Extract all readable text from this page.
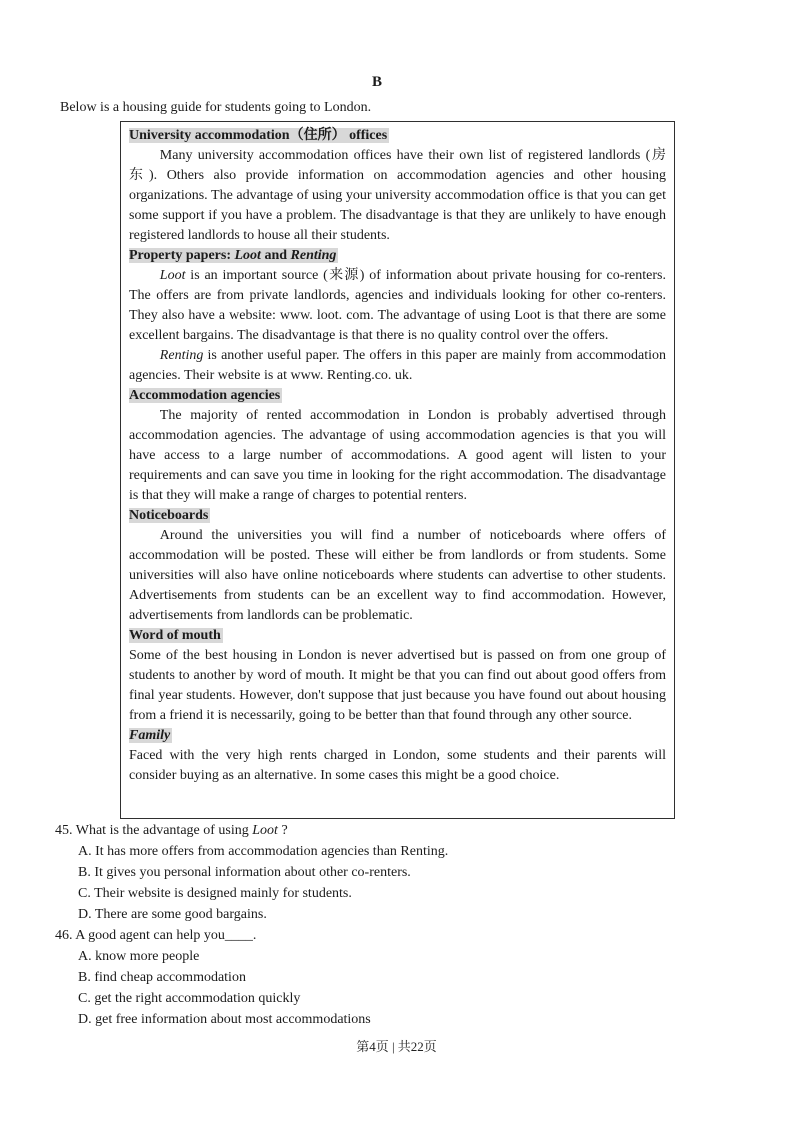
B
Below is a housing guide for students going to London.
University accommodation（住所） offices

Many university accommodation offices have their own list of registered landlords (房东). Others also provide information on accommodation agencies and other housing organizations. The advantage of using your university accommodation office is that you can get some support if you have a problem. The disadvantage is that they are unlikely to have enough registered landlords to house all their students.

Property papers: Loot and Renting

Loot is an important source (来源) of information about private housing for co-renters. The offers are from private landlords, agencies and individuals looking for other co-renters. They also have a website: www. loot. com. The advantage of using Loot is that there are some excellent bargains. The disadvantage is that there is no quality control over the offers.

Renting is another useful paper. The offers in this paper are mainly from accommodation agencies. Their website is at www. Renting.co. uk.

Accommodation agencies

The majority of rented accommodation in London is probably advertised through accommodation agencies. The advantage of using accommodation agencies is that you will have access to a large number of accommodations. A good agent will listen to your requirements and can save you time in looking for the right accommodation. The disadvantage is that they will make a range of charges to potential renters.

Noticeboards

Around the universities you will find a number of noticeboards where offers of accommodation will be posted. These will either be from landlords or from students. Some universities will also have online noticeboards where students can advertise to other students. Advertisements from students can be an excellent way to find accommodation. However, advertisements from landlords can be problematic.

Word of mouth

Some of the best housing in London is never advertised but is passed on from one group of students to another by word of mouth. It might be that you can find out about good offers from final year students. However, don't suppose that just because you have found out about housing from a friend it is necessarily, going to be better than that found through any other source.

Family

Faced with the very high rents charged in London, some students and their parents will consider buying as an alternative. In some cases this might be a good choice.

45. What is the advantage of using Loot ?
A. It has more offers from accommodation agencies than Renting.
B. It gives you personal information about other co-renters.
C. Their website is designed mainly for students.
D. There are some good bargains.
46. A good agent can help you____.
A. know more people
B. find cheap accommodation
C. get the right accommodation quickly
D. get free information about most accommodations
第4页 | 共22页
